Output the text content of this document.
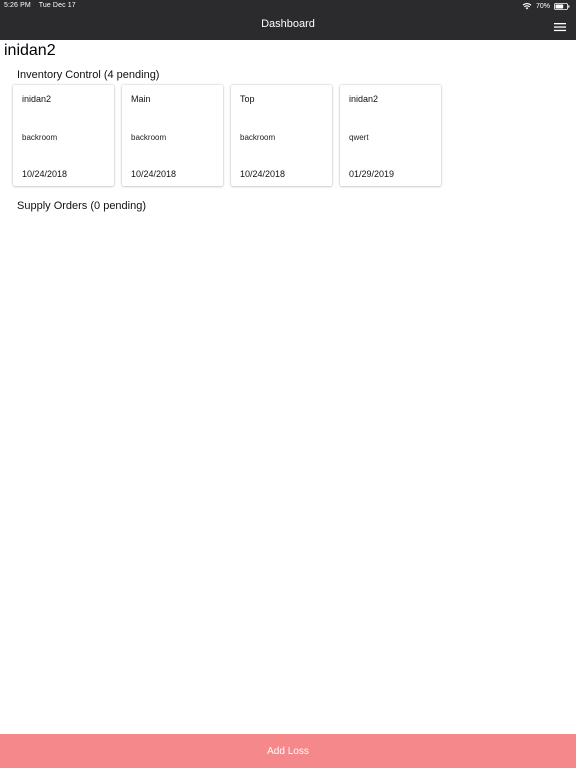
5:26 PM Tue Dec 17	70%
Dashboard
inidan2
Inventory Control (4 pending)
inidan2
backroom
10/24/2018
Main
backroom
10/24/2018
Top
backroom
10/24/2018
inidan2
qwert
01/29/2019
Supply Orders (0 pending)
Add Loss
